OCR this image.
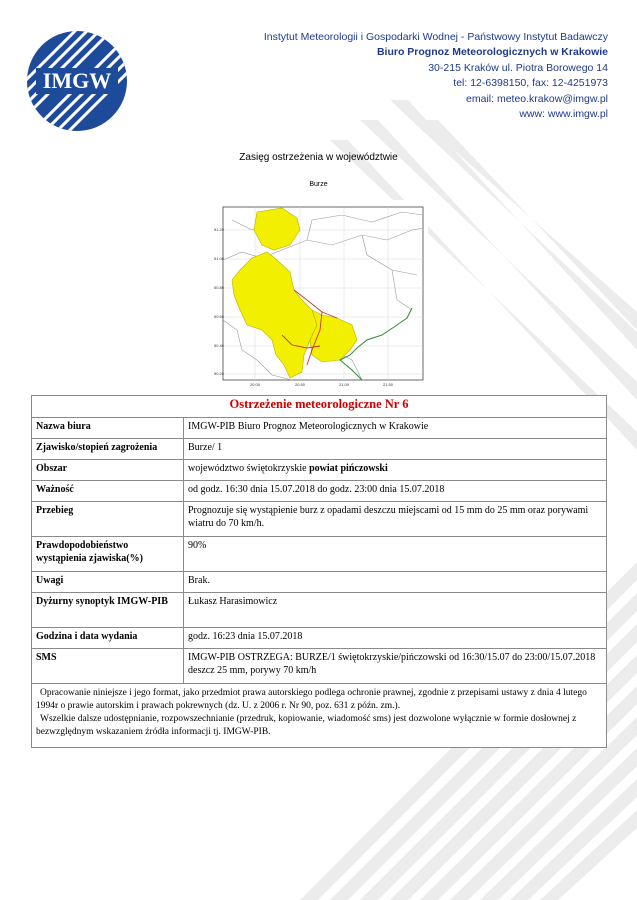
IMGW
Instytut Meteorologii i Gospodarki Wodnej - Państwowy Instytut Badawczy
Biuro Prognoz Meteorologicznych w Krakowie
30-215 Kraków ul. Piotra Borowego 14
tel: 12-6398150, fax: 12-4251973
email: meteo.krakow@imgw.pl
www: www.imgw.pl
Zasięg ostrzeżenia w województwie
Burze
51.20
51.00
50.80
50.60
50.40
50.20
20.00	20.50	21.00	21.50
Ostrzeżenie meteorologiczne Nr 6	
Nazwa biura	IMGW-PIB Biuro Prognoz Meteorologicznych w Krakowie
Zjawisko/stopień zagrożenia	Burze/ 1
Obszar	województwo świętokrzyskie powiat pińczowski
Ważność	od godz. 16:30 dnia 15.07.2018 do godz. 23:00 dnia 15.07.2018
Przebieg	Prognozuje się wystąpienie burz z opadami deszczu miejscami od 15 mm do 25 mm oraz porywami wiatru do 70 km/h.
Prawdopodobieństwo wystąpienia zjawiska(%)	90%
Uwagi	Brak.
Dyżurny synoptyk IMGW-PIB	Łukasz Harasimowicz
Godzina i data wydania	godz. 16:23 dnia 15.07.2018
SMS	IMGW-PIB OSTRZEGA: BURZE/1 świętokrzyskie/pińczowski od 16:30/15.07 do 23:00/15.07.2018 deszcz 25 mm, porywy 70 km/h

Opracowanie niniejsze i jego format, jako przedmiot prawa autorskiego podlega ochronie prawnej, zgodnie z przepisami ustawy z dnia 4 lutego 1994r o prawie autorskim i prawach pokrewnych (dz. U. z 2006 r. Nr 90, poz. 631 z późn. zm.).
Wszelkie dalsze udostępnianie, rozpowszechnianie (przedruk, kopiowanie, wiadomość sms) jest dozwolone wyłącznie w formie dosłownej z bezwzględnym wskazaniem źródła informacji tj. IMGW-PIB.	
